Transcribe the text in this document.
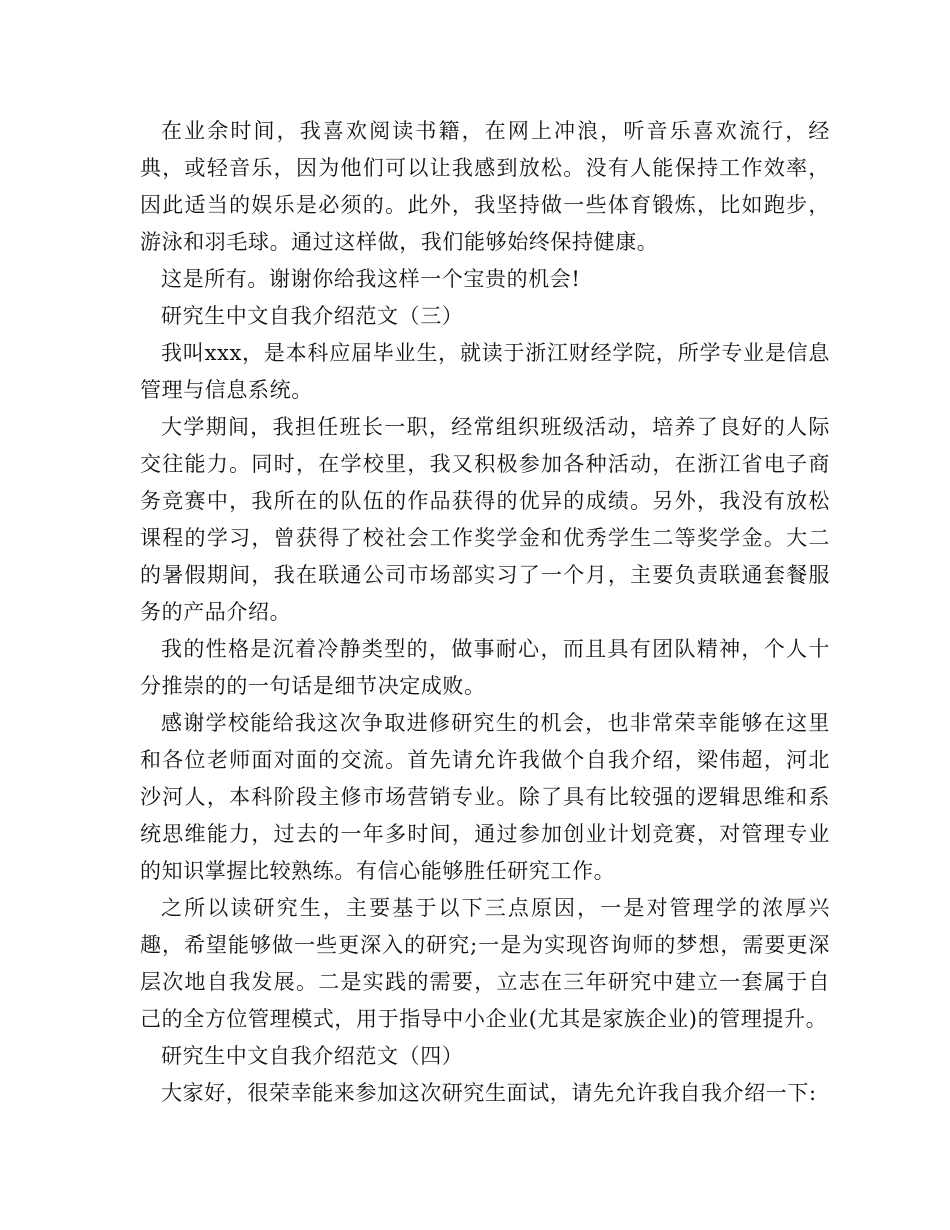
在业余时间，我喜欢阅读书籍，在网上冲浪，听音乐喜欢流行，经典，或轻音乐，因为他们可以让我感到放松。没有人能保持工作效率，因此适当的娱乐是必须的。此外，我坚持做一些体育锻炼，比如跑步，游泳和羽毛球。通过这样做，我们能够始终保持健康。

这是所有。谢谢你给我这样一个宝贵的机会!

研究生中文自我介绍范文（三）

我叫xxx，是本科应届毕业生，就读于浙江财经学院，所学专业是信息管理与信息系统。

大学期间，我担任班长一职，经常组织班级活动，培养了良好的人际交往能力。同时，在学校里，我又积极参加各种活动，在浙江省电子商务竞赛中，我所在的队伍的作品获得的优异的成绩。另外，我没有放松课程的学习，曾获得了校社会工作奖学金和优秀学生二等奖学金。大二的暑假期间，我在联通公司市场部实习了一个月，主要负责联通套餐服务的产品介绍。

我的性格是沉着冷静类型的，做事耐心，而且具有团队精神，个人十分推崇的的一句话是细节决定成败。

感谢学校能给我这次争取进修研究生的机会，也非常荣幸能够在这里和各位老师面对面的交流。首先请允许我做个自我介绍，梁伟超，河北沙河人，本科阶段主修市场营销专业。除了具有比较强的逻辑思维和系统思维能力，过去的一年多时间，通过参加创业计划竞赛，对管理专业的知识掌握比较熟练。有信心能够胜任研究工作。

之所以读研究生，主要基于以下三点原因，一是对管理学的浓厚兴趣，希望能够做一些更深入的研究;一是为实现咨询师的梦想，需要更深层次地自我发展。二是实践的需要，立志在三年研究中建立一套属于自己的全方位管理模式，用于指导中小企业(尤其是家族企业)的管理提升。

研究生中文自我介绍范文（四）

大家好，很荣幸能来参加这次研究生面试，请先允许我自我介绍一下:
